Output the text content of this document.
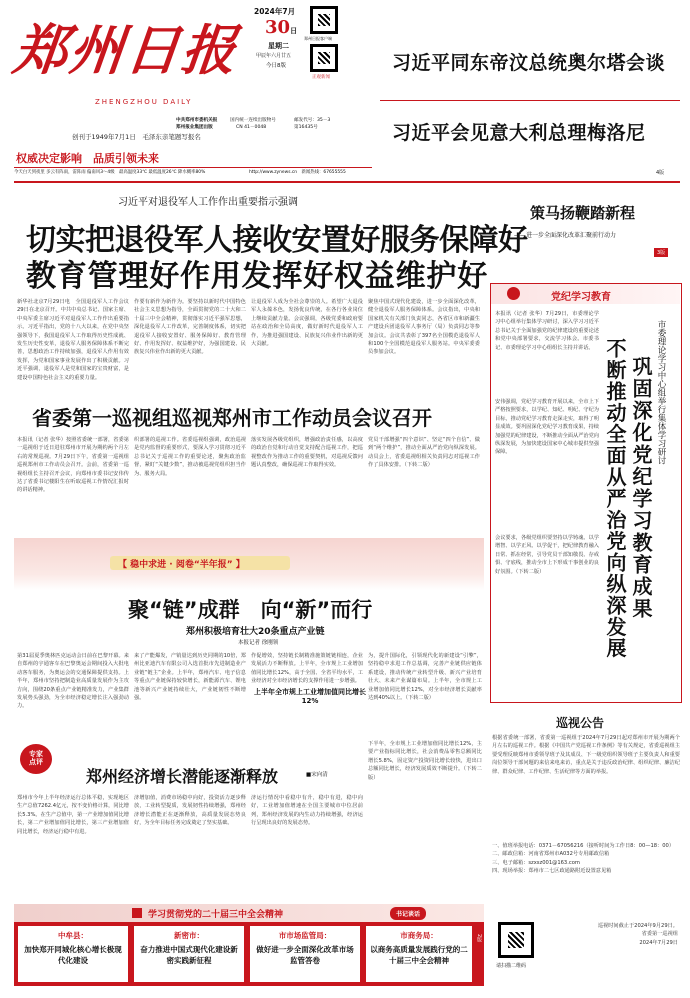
郑州日报
ZHENGZHOU DAILY
创刊于1949年7月1日　毛泽东亲笔题写报名
权威决定影响　品质引领未来
2024年7月
30日
星期二
甲辰年六月廿五
今日8版
郑州日报客户端
正观新闻
中共郑州市委机关报
郑州报业集团出版
国内统一连续出版物号
CN 41－0048
邮发代号：35－3
第16435号
今天白天到夜里 多云有阵雨，雷阵雨 偏南风3～4级　最高温度33℃ 最低温度26℃ 降水概率80%	http://www.zynews.cn　新闻热线：67655555
习近平同东帝汶总统奥尔塔会谈
习近平会见意大利总理梅洛尼
4版
习近平对退役军人工作作出重要指示强调
切实把退役军人接收安置好服务保障好
教育管理好作用发挥好权益维护好
新华社北京7月29日电　全国退役军人工作会议29日在北京召开。中共中央总书记、国家主席、中央军委主席习近平对退役军人工作作出重要指示。习近平指出，党的十八大以来，在党中央坚强领导下，我国退役军人工作取得历史性成就、发生历史性变革，退役军人服务保障体系不断完善，思想政治工作持续加强，退役军人作用有效发挥，为党和国家事业发展作出了积极贡献。习近平强调，退役军人是党和国家的宝贵财富，是建设中国特色社会主义的重要力量。
作要有新作为新作为。要坚持以新时代中国特色社会主义思想为指导，全面贯彻党的二十大和二十届三中全会精神，贯彻落实习近平强军思想，深化退役军人工作改革，完善制度体系，切实把退役军人接收安置好、服务保障好、教育管理好、作用发挥好、权益维护好，为强国建设、民族复兴伟业作出新的更大贡献。
让退役军人成为全社会尊崇的人。希望广大退役军人永葆本色，发扬优良传统，在各行各业岗位上继续贡献力量。会议强调，各级党委和政府要站在政治和全局高度，做好新时代退役军人工作，为推进强国建设、民族复兴伟业作出新的更大贡献。
聚焦中国式现代化建设，进一步全面深化改革，健全退役军人服务保障体系。会议指出，中央和国家机关有关部门负责同志，各省区市和新疆生产建设兵团退役军人事务厅（局）负责同志等参加会议。会议共表彰了397名全国模范退役军人和100个全国模范退役军人服务站。中央军委委员参加会议。
策马扬鞭踏新程
——进一步全面深化改革汇聚前行动力
3版
党纪学习教育
市委理论学习中心组举行集体学习研讨
巩固深化党纪学习教育成果
不断推动全面从严治党向纵深发展
本报讯（记者 张华）7月29日，市委理论学习中心组举行集体学习研讨，深入学习习近平总书记关于全面加强党的纪律建设的重要论述和党中央部署要求，交流学习体会。市委书记、市委理论学习中心组组长主持并讲话。
安伟强调，党纪学习教育开展以来，全市上下严格按照要求，以学纪、知纪、明纪、守纪为目标，推动党纪学习教育走深走实，取得了明显成效。要巩固深化党纪学习教育成果，持续加强党的纪律建设，不断推动全面从严治党向纵深发展，为加快建设国家中心城市提供坚强保障。
会议要求，各级党组织要坚持以学铸魂、以学增智、以学正风、以学促干，把纪律教育融入日常、抓在经常，引导党员干部知敬畏、存戒惧、守底线，推动全市上下形成干事创业的良好氛围。（下转二版）
省委第一巡视组巡视郑州市工作动员会议召开
本报讯（记者 张华）按照省委统一部署，省委第一巡视组于近日进驻郑州市开展为期约两个月左右的常规巡视。7月29日下午，省委第一巡视组巡视郑州市工作动员会召开。会前，省委第一巡视组组长主持召开会议，向郑州市委书记安伟传达了省委书记楼阳生在听取巡视工作情况汇报时的讲话精神。
织部署的巡视工作。省委巡视组强调，政治巡视是党内监督的重要形式，要深入学习贯彻习近平总书记关于巡视工作的重要论述，聚焦政治监督，紧盯“关键少数”，推动被巡视党组织担当作为、服务大局。
落实发展各级党组织，增强政治责任感，以高度的政治自觉和行动自觉支持配合巡视工作，把巡视整改作为推动工作的重要契机，对巡视反馈问题认真整改，确保巡视工作取得实效。
党员干部增强“四个意识”、坚定“四个自信”、做到“两个维护”，推动全面从严治党向纵深发展。动员会上，省委巡视组相关负责同志对巡视工作作了具体安排。（下转二版）
【 稳中求进 · 阅卷“半年报” 】
聚“链”成群　向“新”而行
郑州积极培育壮大20条重点产业链
本报记者 徐刚领
第31届夏季奥林匹克运动会日前在巴黎开幕。来自郑州的宇通客车在巴黎奥运会期间投入大批电动客车服务，为奥运会的交通保障提供支持。上半年，郑州市坚持把制造业高质量发展作为主攻方向，围绕20条重点产业链精准发力，产业集群发展势头强劲，为全市经济稳定增长注入强劲动力。
来了产能爆发，产销量达到历史同期的10倍，郑州比亚迪汽车有限公司入选首批市先进制造业产业链“链主”企业。上半年，郑州汽车、电子信息等重点产业链保持较快增长，新能源汽车、锂电池等新兴产业链持续壮大，产业链韧性不断增强。
上半年全市规上工业增加值同比增长12%
作促增效，坚持链长制精准施策链链相连，企业发展活力不断释放。上半年，全市规上工业增加值同比增长12%，高于全国、全省平均水平，工业经济对全市经济增长的支撑作用进一步增强。
为，提升国际化，引领现代化的新建设“引擎”，坚持稳中求进工作总基调，完善产业链供应链体系建设，推动传统产业转型升级、新兴产业培育壮大、未来产业谋篇布局。上半年，全市规上工业增加值同比增长12%，对全市经济增长贡献率达到40%以上。（下转二版）
专家
点评
郑州经济增长潜能逐渐释放	■宋向清
郑州市今年上半年经济运行总体平稳，实现地区生产总值7262.4亿元，按不变价格计算，同比增长5.3%。在生产总值中，第一产业增加值同比增长，第二产业增加值同比增长，第三产业增加值同比增长，经济运行稳中有进。
济增加值，消费市场稳中向好，投资活力逐步释放，工业转型提质，发展韧性持续增强，郑州经济增长潜能正在逐渐释放，高质量发展态势良好，为全年目标任务完成奠定了坚实基础。
济运行情况中看稳中有升，稳中有进，稳中向好，工业增加值增速在全国主要城市中位居前列，郑州经济发展的内生动力持续增强，经济运行呈现出良好的发展态势。
下半年，全市规上工业增加值同比增长12%，主要产业指标同比增长，社会消费品零售总额同比增长5.8%，固定资产投资同比增长较快，进出口总额同比增长，经济发展质效不断提升。（下转二版）
巡视公告
根据省委统一部署，省委第一巡视组于2024年7月29日起对郑州市开展为期两个月左右的巡视工作。根据《中国共产党巡视工作条例》等有关规定，省委巡视组主要受理反映郑州市委领导班子及其成员、下一级党组织领导班子主要负责人和重要岗位领导干部问题的来信来电来访，重点是关于违反政治纪律、组织纪律、廉洁纪律、群众纪律、工作纪律、生活纪律等方面的举报。
一、值班举报电话：0371－67056216（接听时间为工作日8：00—18：00）
二、邮政信箱：河南省郑州市A032号专用邮政信箱
三、电子邮箱：szxsz001@163.com
四、现场举报：郑州市二七区政通路附近设置意见箱
请扫描二维码
巡视时间截止于2024年9月29日。
省委第一巡视组
2024年7月29日
学习贯彻党的二十届三中全会精神	书记谈话
中牟县：
加快郑开同城化核心增长极现代化建设
新密市：
奋力推进中国式现代化建设新密实践新征程
市市场监管局：
做好进一步全面深化改革市场监管答卷
市商务局：
以商务高质量发展践行党的二十届三中全会精神
2版
